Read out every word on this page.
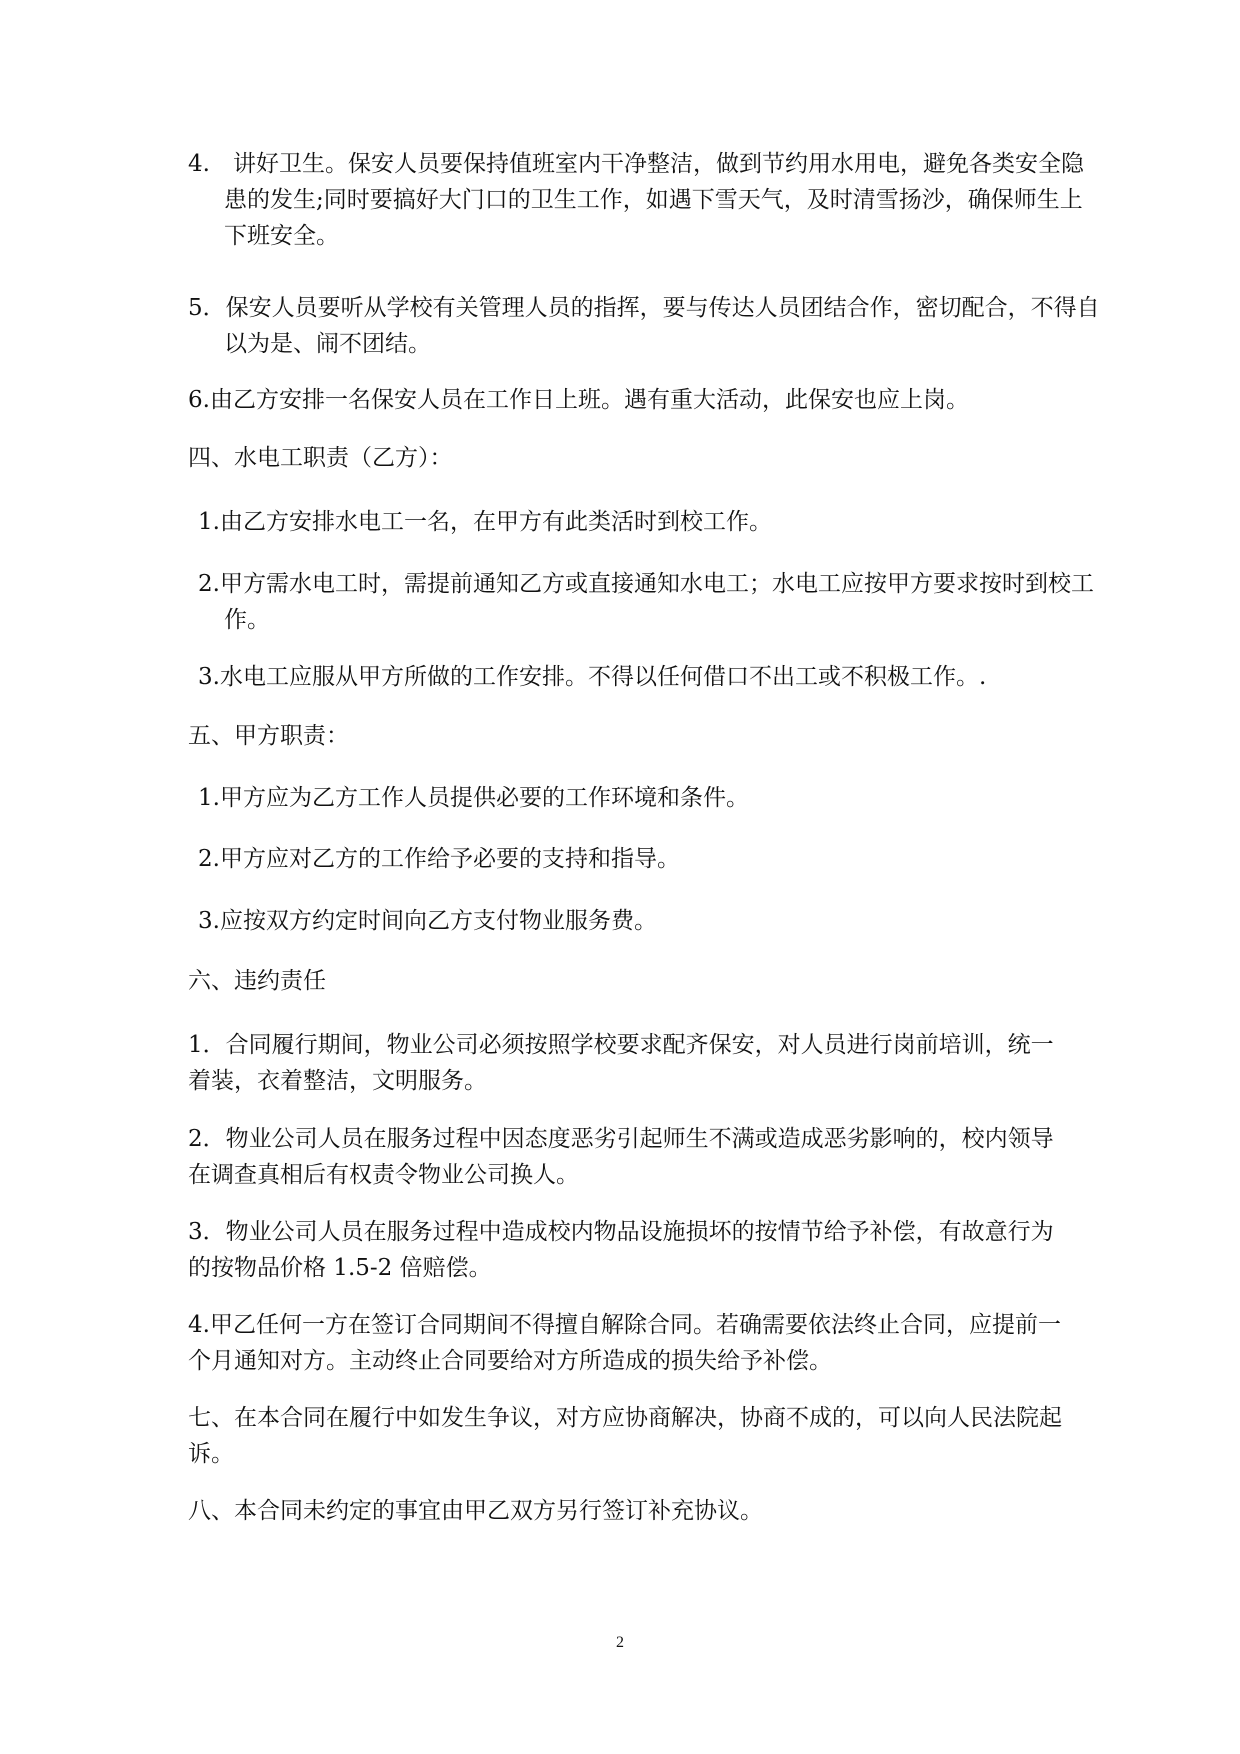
4.　讲好卫生。保安人员要保持值班室内干净整洁，做到节约用水用电，避免各类安全隐患的发生;同时要搞好大门口的卫生工作，如遇下雪天气，及时清雪扬沙，确保师生上下班安全。

5．保安人员要听从学校有关管理人员的指挥，要与传达人员团结合作，密切配合，不得自以为是、闹不团结。

6.由乙方安排一名保安人员在工作日上班。遇有重大活动，此保安也应上岗。

四、水电工职责（乙方）：

1.由乙方安排水电工一名，在甲方有此类活时到校工作。

2.甲方需水电工时，需提前通知乙方或直接通知水电工；水电工应按甲方要求按时到校工作。

3.水电工应服从甲方所做的工作安排。不得以任何借口不出工或不积极工作。.

五、甲方职责：

1.甲方应为乙方工作人员提供必要的工作环境和条件。

2.甲方应对乙方的工作给予必要的支持和指导。

3.应按双方约定时间向乙方支付物业服务费。

六、违约责任

1．合同履行期间，物业公司必须按照学校要求配齐保安，对人员进行岗前培训，统一着装，衣着整洁，文明服务。

2．物业公司人员在服务过程中因态度恶劣引起师生不满或造成恶劣影响的，校内领导在调查真相后有权责令物业公司换人。

3．物业公司人员在服务过程中造成校内物品设施损坏的按情节给予补偿，有故意行为的按物品价格 1.5-2 倍赔偿。

4.甲乙任何一方在签订合同期间不得擅自解除合同。若确需要依法终止合同，应提前一个月通知对方。主动终止合同要给对方所造成的损失给予补偿。

七、在本合同在履行中如发生争议，对方应协商解决，协商不成的，可以向人民法院起诉。

八、本合同未约定的事宜由甲乙双方另行签订补充协议。

2
